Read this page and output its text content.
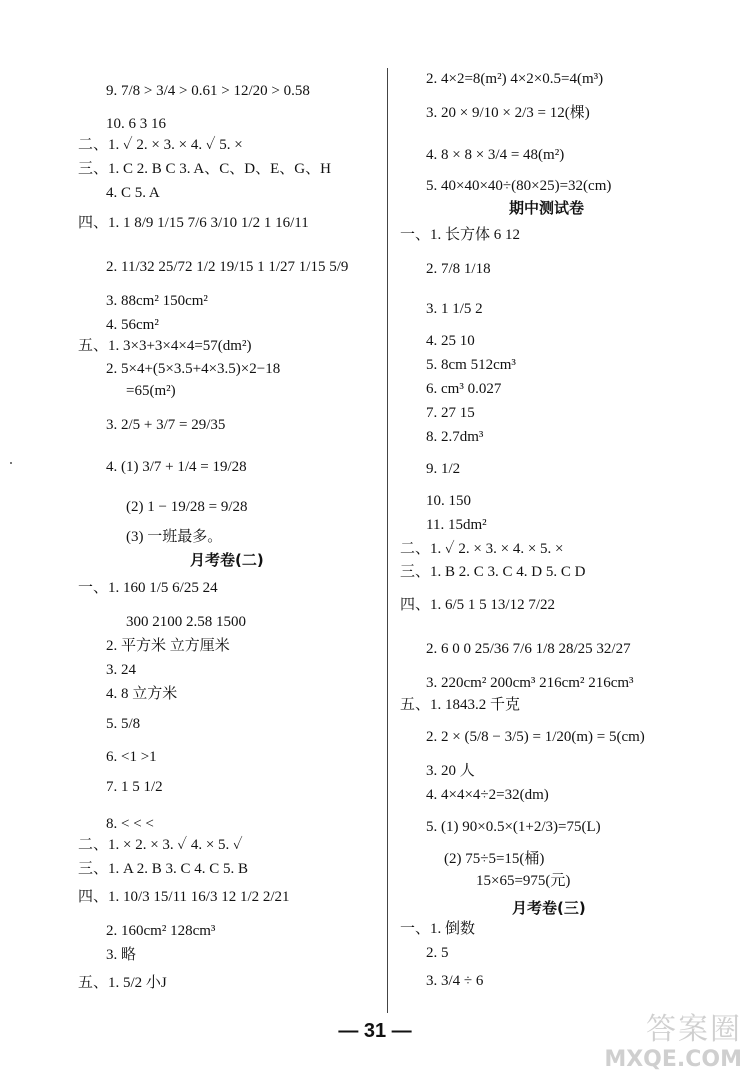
9. 7/8 > 3/4 > 0.61 > 12/20 > 0.58
10. 6 3 16
二、1. ✓ 2. × 3. × 4. ✓ 5. ×
三、1. C 2. B C 3. A、C、D、E、G、H
4. C 5. A
四、1. 1 8/9 1/15 7/6 3/10 1/2 1 16/11
2. 11/32 25/72 1/2 19/15 1 1/27 1/15 5/9
3. 88cm² 150cm²
4. 56cm²
五、1. 3×3+3×4×4=57(dm²)
2. 5×4+(5×3.5+4×3.5)×2−18
=65(m²)
3. 2/5 + 3/7 = 29/35
4. (1) 3/7 + 1/4 = 19/28
(2) 1 − 19/28 = 9/28
(3) 一班最多。
一、1. 160 1/5 6/25 24
300 2100 2.58 1500
2. 平方米 立方厘米
3. 24
4. 8 立方米
5. 5/8
6. <1 >1
7. 1 5 1/2
8. < < <
二、1. × 2. × 3. ✓ 4. × 5. ✓
三、1. A 2. B 3. C 4. C 5. B
四、1. 10/3 15/11 16/3 12 1/2 2/21
2. 160cm² 128cm³
3. 略
五、1. 5/2 小J
月考卷(二)
2. 4×2=8(m²) 4×2×0.5=4(m³)
3. 20 × 9/10 × 2/3 = 12(棵)
4. 8 × 8 × 3/4 = 48(m²)
5. 40×40×40÷(80×25)=32(cm)
一、1. 长方体 6 12
2. 7/8 1/18
3. 1 1/5 2
4. 25 10
5. 8cm 512cm³
6. cm³ 0.027
7. 27 15
8. 2.7dm³
9. 1/2
10. 150
11. 15dm²
二、1. ✓ 2. × 3. × 4. × 5. ×
三、1. B 2. C 3. C 4. D 5. C D
四、1. 6/5 1 5 13/12 7/22
2. 6 0 0 25/36 7/6 1/8 28/25 32/27
3. 220cm² 200cm³ 216cm² 216cm³
五、1. 1843.2 千克
2. 2 × (5/8 − 3/5) = 1/20(m) = 5(cm)
3. 20 人
4. 4×4×4÷2=32(dm)
5. (1) 90×0.5×(1+2/3)=75(L)
(2) 75÷5=15(桶)
15×65=975(元)
一、1. 倒数
2. 5
3. 3/4 ÷ 6
期中测试卷
月考卷(三)
— 31 —	答案圈
MXQE.COM
